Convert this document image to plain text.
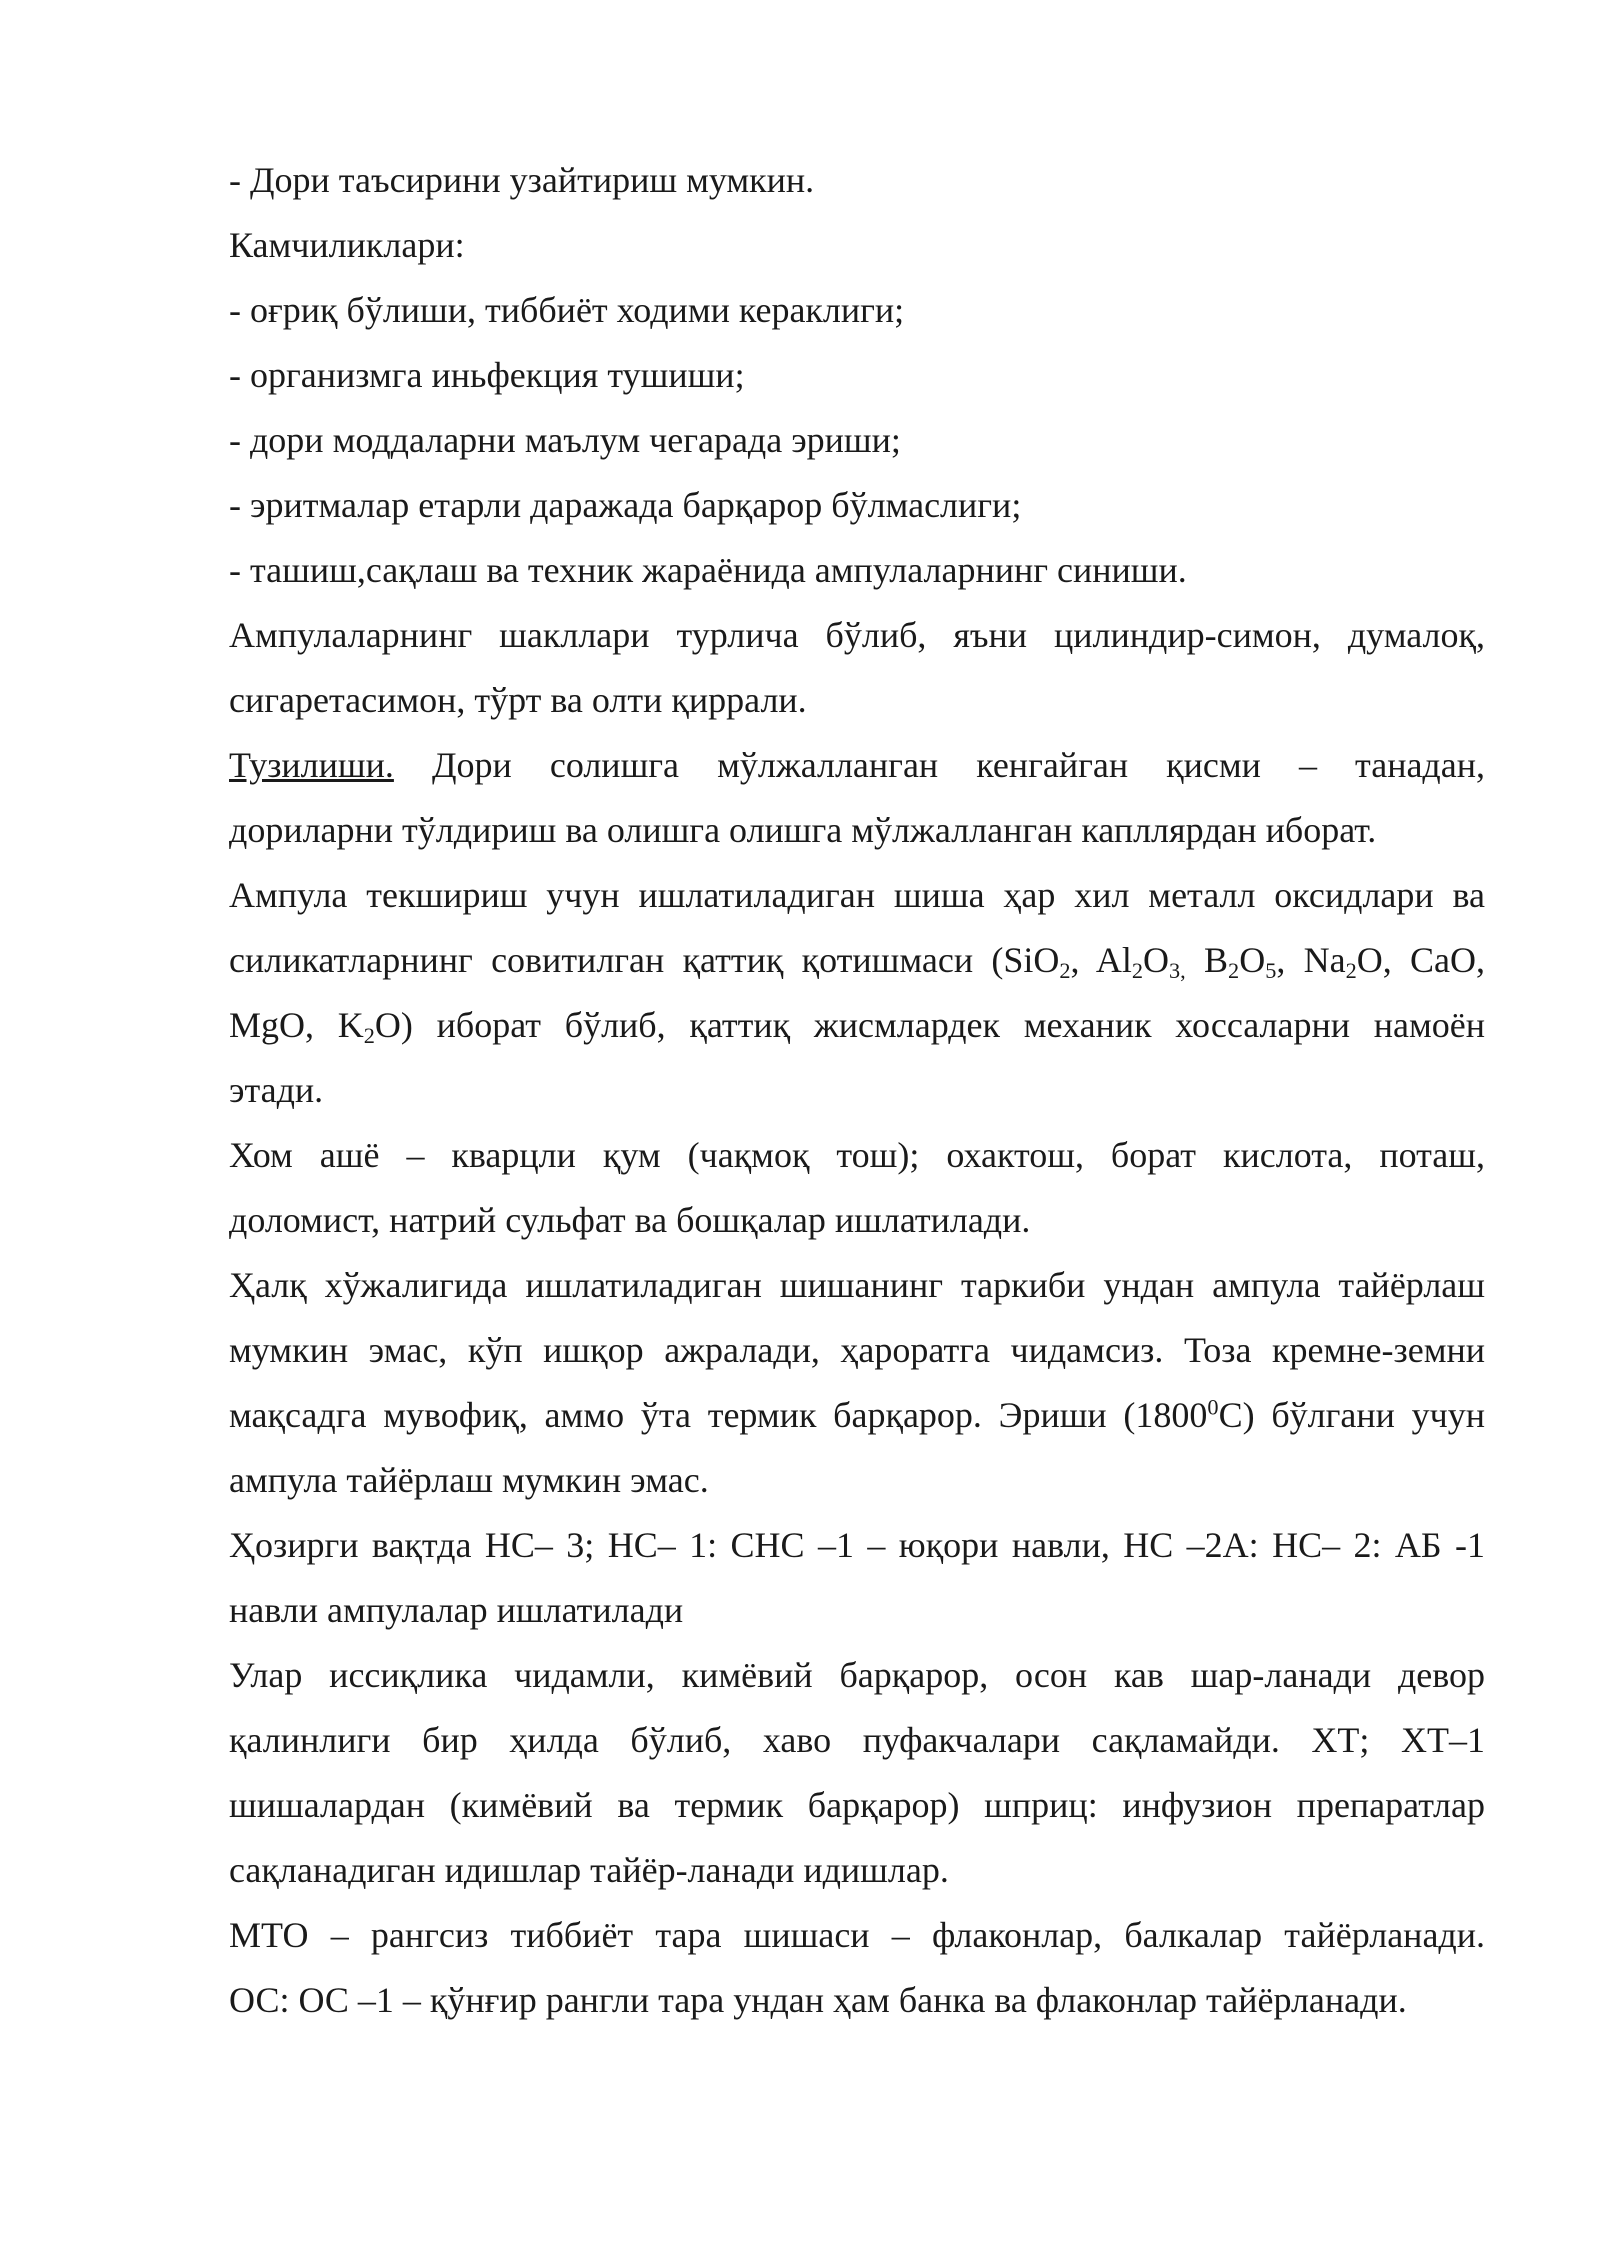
- Дори таъсирини узайтириш мумкин.
Камчиликлари:
- оғриқ бўлиши, тиббиёт ходими кераклиги;
- организмга иньфекция тушиши;
- дори моддаларни маълум чегарада эриши;
- эритмалар етарли даражада барқарор бўлмаслиги;
- ташиш,сақлаш ва техник жараёнида ампулаларнинг синиши.
Ампулаларнинг шакллари турлича бўлиб, яъни цилиндир-симон, думалоқ,
сигаретасимон, тўрт ва олти қиррали.
Тузилиши. Дори солишга мўлжалланган кенгайган қисми – танадан,
дориларни тўлдириш ва олишга олишга мўлжалланган капллярдан иборат.
Ампула текшириш учун ишлатиладиган шиша ҳар хил металл оксидлари ва
силикатларнинг совитилган қаттиқ қотишмаси (SiO$_2$, $Al_2O_{3,}$ $B_2O_5$, $Na_2O$, CaO,
MgO, $K_2O$) иборат бўлиб, қаттиқ жисмлардек механик хоссаларни намоён
этади.
Хом ашё – кварцли қум (чақмоқ тош); охактош, борат кислота, поташ,
доломист, натрий сульфат ва бошқалар ишлатилади.
Ҳалқ хўжалигида ишлатиладиган шишанинг таркиби ундан ампула тайёрлаш
мумкин эмас, кўп ишқор ажралади, ҳароратга чидамсиз. Тоза кремне-земни
мақсадга мувофиқ, аммо ўта термик барқарор. Эриши (1800$^0$С) бўлгани учун
ампула тайёрлаш мумкин эмас.
Ҳозирги вақтда НС– 3; НС– 1: СНС –1 – юқори навли, НС –2А: НС– 2: АБ -1
навли ампулалар ишлатилади
Улар иссиқлика чидамли, кимёвий барқарор, осон кав шар-ланади девор
қалинлиги бир ҳилда бўлиб, хаво пуфакчалари сақламайди. ХТ; ХТ–1
шишалардан (кимёвий ва термик барқарор) шприц: инфузион препаратлар
сақланадиган идишлар тайёр-ланади идишлар.
МТО – рангсиз тиббиёт тара шишаси – флаконлар, балкалар тайёрланади.
ОС: ОС –1 – қўнғир рангли тара ундан ҳам банка ва флаконлар тайёрланади.
